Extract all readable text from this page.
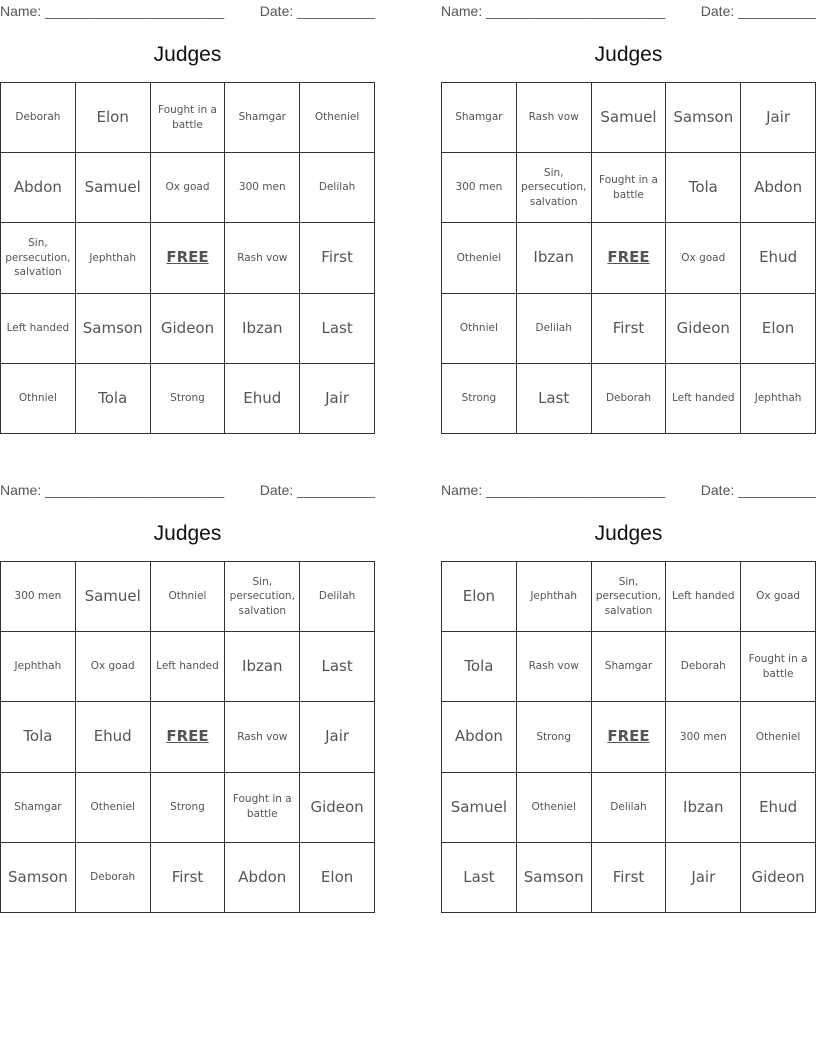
Name: _______________________	Date: __________
Judges
Deborah	Elon	Fought in a battle	Shamgar	Otheniel
Abdon	Samuel	Ox goad	300 men	Delilah
Sin, persecution, salvation	Jephthah	FREE	Rash vow	First
Left handed	Samson	Gideon	Ibzan	Last
Othniel	Tola	Strong	Ehud	Jair
Name: _______________________	Date: __________
Judges
Shamgar	Rash vow	Samuel	Samson	Jair
300 men	Sin, persecution, salvation	Fought in a battle	Tola	Abdon
Otheniel	Ibzan	FREE	Ox goad	Ehud
Othniel	Delilah	First	Gideon	Elon
Strong	Last	Deborah	Left handed	Jephthah
Name: _______________________	Date: __________
Judges
300 men	Samuel	Othniel	Sin, persecution, salvation	Delilah
Jephthah	Ox goad	Left handed	Ibzan	Last
Tola	Ehud	FREE	Rash vow	Jair
Shamgar	Otheniel	Strong	Fought in a battle	Gideon
Samson	Deborah	First	Abdon	Elon
Name: _______________________	Date: __________
Judges
Elon	Jephthah	Sin, persecution, salvation	Left handed	Ox goad
Tola	Rash vow	Shamgar	Deborah	Fought in a battle
Abdon	Strong	FREE	300 men	Otheniel
Samuel	Otheniel	Delilah	Ibzan	Ehud
Last	Samson	First	Jair	Gideon
